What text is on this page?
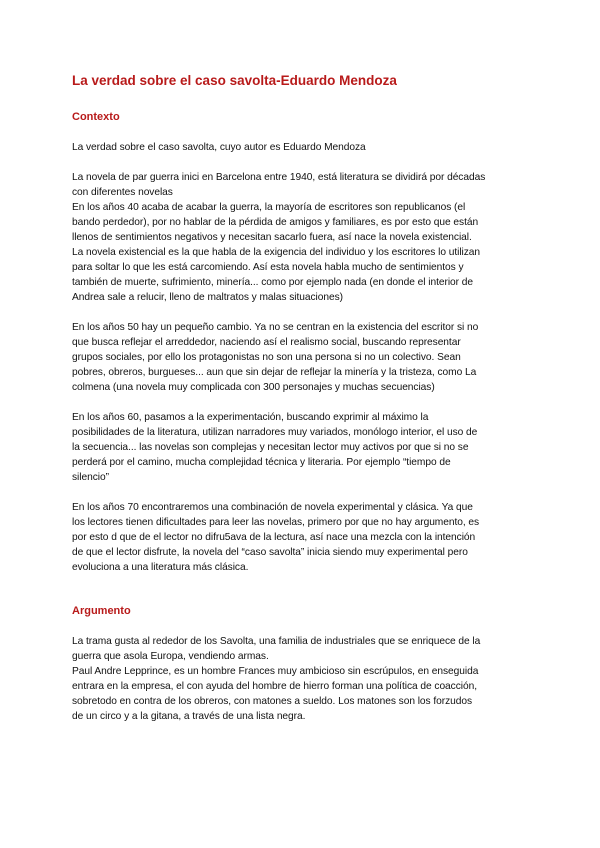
La verdad sobre el caso savolta-Eduardo Mendoza
Contexto

La verdad sobre el caso savolta, cuyo autor es Eduardo Mendoza

La novela de par guerra inici en Barcelona entre 1940, está literatura se dividirá por décadas
con diferentes novelas
En los años 40 acaba de acabar la guerra, la mayoría de escritores son republicanos (el
bando perdedor), por no hablar de la pérdida de amigos y familiares, es por esto que están
llenos de sentimientos negativos y necesitan sacarlo fuera, así nace la novela existencial.
La novela existencial es la que habla de la exigencia del individuo y los escritores lo utilizan
para soltar lo que les está carcomiendo. Así esta novela habla mucho de sentimientos y
también de muerte, sufrimiento, minería... como por ejemplo nada (en donde el interior de
Andrea sale a relucir, lleno de maltratos y malas situaciones)

En los años 50 hay un pequeño cambio. Ya no se centran en la existencia del escritor si no
que busca reflejar el arreddedor, naciendo así el realismo social, buscando representar
grupos sociales, por ello los protagonistas no son una persona si no un colectivo. Sean
pobres, obreros, burgueses... aun que sin dejar de reflejar la minería y la tristeza, como La
colmena (una novela muy complicada con 300 personajes y muchas secuencias)

En los años 60, pasamos a la experimentación, buscando exprimir al máximo la
posibilidades de la literatura, utilizan narradores muy variados, monólogo interior, el uso de
la secuencia... las novelas son complejas y necesitan lector muy activos por que si no se
perderá por el camino, mucha complejidad técnica y literaria. Por ejemplo “tiempo de
silencio”

En los años 70 encontraremos una combinación de novela experimental y clásica. Ya que
los lectores tienen dificultades para leer las novelas, primero por que no hay argumento, es
por esto d que de el lector no difru5ava de la lectura, así nace una mezcla con la intención
de que el lector disfrute, la novela del “caso savolta” inicia siendo muy experimental pero
evoluciona a una literatura más clásica.

Argumento

La trama gusta al rededor de los Savolta, una familia de industriales que se enriquece de la
guerra que asola Europa, vendiendo armas.
Paul Andre Lepprince, es un hombre Frances muy ambicioso sin escrúpulos, en enseguida
entrara en la empresa, el con ayuda del hombre de hierro forman una política de coacción,
sobretodo en contra de los obreros, con matones a sueldo. Los matones son los forzudos
de un circo y a la gitana, a través de una lista negra.
